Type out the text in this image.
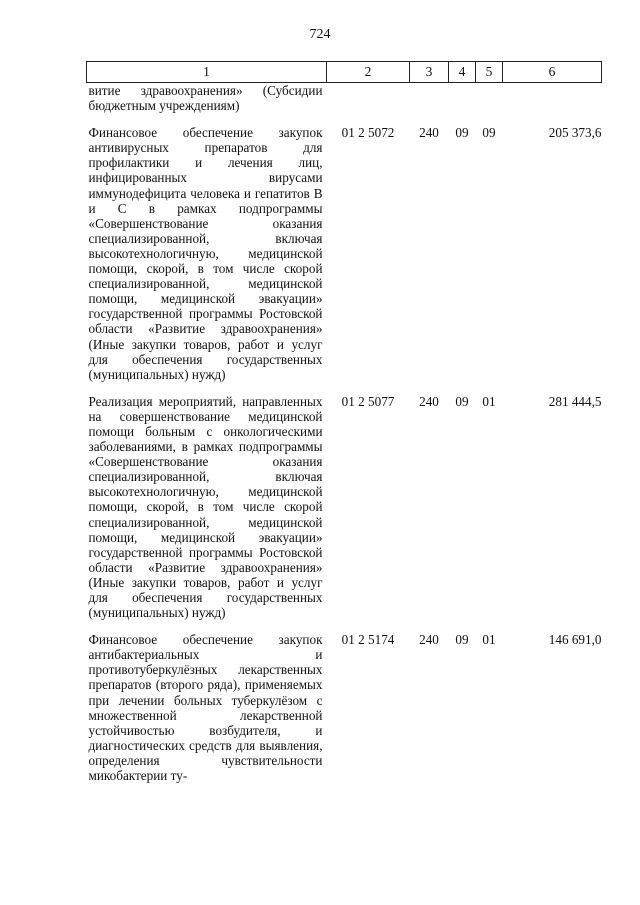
724
1	2	3	4	5	6
витие здравоохранения» (Субсидии бюджетным учреждениям)					

Финансовое обеспечение закупок антивирусных препаратов для профилактики и лечения лиц, инфицированных вирусами иммунодефицита человека и гепатитов В и С в рамках подпрограммы «Совершенствование оказания специализированной, включая высокотехнологичную, медицинской помощи, скорой, в том числе скорой специализированной, медицинской помощи, медицинской эвакуации» государственной программы Ростовской области «Развитие здравоохранения» (Иные закупки товаров, работ и услуг для обеспечения государственных (муниципальных) нужд)	01 2 5072	240	09	09	205 373,6

Реализация мероприятий, направленных на совершенствование медицинской помощи больным с онкологическими заболеваниями, в рамках подпрограммы «Совершенствование оказания специализированной, включая высокотехнологичную, медицинской помощи, скорой, в том числе скорой специализированной, медицинской помощи, медицинской эвакуации» государственной программы Ростовской области «Развитие здравоохранения» (Иные закупки товаров, работ и услуг для обеспечения государственных (муниципальных) нужд)	01 2 5077	240	09	01	281 444,5

Финансовое обеспечение закупок антибактериальных и противотуберкулёзных лекарственных препаратов (второго ряда), применяемых при лечении больных туберкулёзом с множественной лекарственной устойчивостью возбудителя, и диагностических средств для выявления, определения чувствительности микобактерии ту-	01 2 5174	240	09	01	146 691,0
